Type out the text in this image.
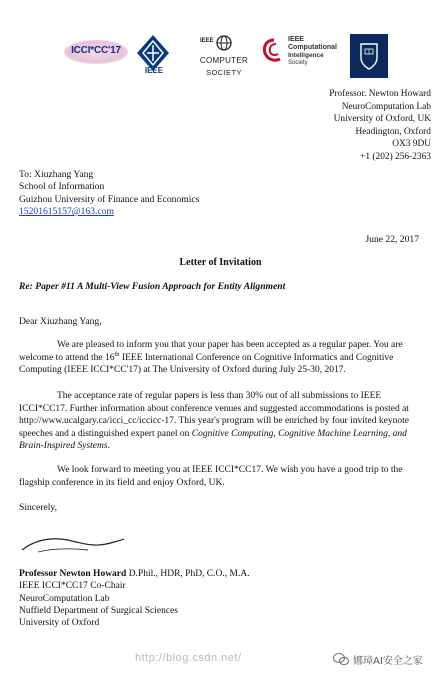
ICCI*CC'17
IEEE
IEEE
COMPUTER
SOCIETY
IEEE
Computational
Intelligence
Society
Professor. Newton Howard
NeuroComputation Lab
University of Oxford, UK
Headington, Oxford
OX3 9DU
+1 (202) 256-2363
To: Xiuzhang Yang
School of Information
Guizhou University of Finance and Economics
15201615157@163.com
June 22, 2017
Letter of Invitation
Re: Paper #11 A Multi-View Fusion Approach for Entity Alignment
Dear Xiuzhang Yang,
We are pleased to inform you that your paper has been accepted as a regular paper. You are welcome to attend the 16th IEEE International Conference on Cognitive Informatics and Cognitive Computing (IEEE ICCI*CC'17) at The University of Oxford during July 25-30, 2017.
The acceptance rate of regular papers is less than 30% out of all submissions to IEEE ICCI*CC17. Further information about conference venues and suggested accommodations is posted at http://www.ucalgary.ca/icci_cc/iccicc-17. This year's program will be enriched by four invited keynote speeches and a distinguished expert panel on Cognitive Computing, Cognitive Machine Learning, and Brain-Inspired Systems.
We look forward to meeting you at IEEE ICCI*CC17. We wish you have a good trip to the flagship conference in its field and enjoy Oxford, UK.
Sincerely,
Professor Newton Howard D.Phil., HDR, PhD, C.O., M.A.
IEEE ICCI*CC17 Co-Chair
NeuroComputation Lab
Nuffield Department of Surgical Sciences
University of Oxford
http://blog.csdn.net/	娜璋AI安全之家
